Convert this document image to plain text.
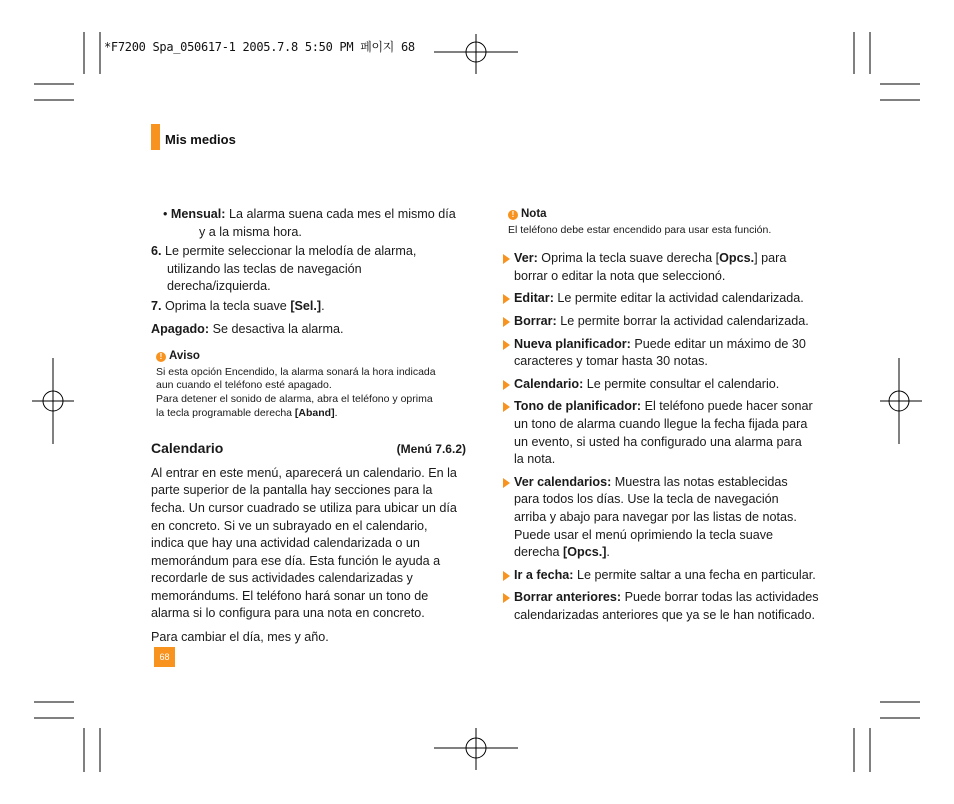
*F7200 Spa_050617-1 2005.7.8 5:50 PM 페이지 68
Mis medios

• Mensual: La alarma suena cada mes el mismo día

y a la misma hora.

6. Le permite seleccionar la melodía de alarma,

utilizando las teclas de navegación

derecha/izquierda.

7. Oprima la tecla suave [Sel.].

Apagado: Se desactiva la alarma.

! Aviso
Si esta opción Encendido, la alarma sonará la hora indicada
aun cuando el teléfono esté apagado.
Para detener el sonido de alarma, abra el teléfono y oprima
la tecla programable derecha [Aband].
Calendario	(Menú 7.6.2)

Al entrar en este menú, aparecerá un calendario. En la

parte superior de la pantalla hay secciones para la

fecha. Un cursor cuadrado se utiliza para ubicar un día

en concreto. Si ve un subrayado en el calendario,

indica que hay una actividad calendarizada o un

memorándum para ese día. Esta función le ayuda a

recordarle de sus actividades calendarizadas y

memorándums. El teléfono hará sonar un tono de

alarma si lo configura para una nota en concreto.

Para cambiar el día, mes y año.

68
! Nota
El teléfono debe estar encendido para usar esta función.

Ver: Oprima la tecla suave derecha [Opcs.] para

borrar o editar la nota que seleccionó.

Editar: Le permite editar la actividad calendarizada.

Borrar: Le permite borrar la actividad calendarizada.

Nueva planificador: Puede editar un máximo de 30

caracteres y tomar hasta 30 notas.

Calendario: Le permite consultar el calendario.

Tono de planificador: El teléfono puede hacer sonar

un tono de alarma cuando llegue la fecha fijada para

un evento, si usted ha configurado una alarma para

la nota.

Ver calendarios: Muestra las notas establecidas

para todos los días. Use la tecla de navegación

arriba y abajo para navegar por las listas de notas.

Puede usar el menú oprimiendo la tecla suave

derecha [Opcs.].

Ir a fecha: Le permite saltar a una fecha en particular.

Borrar anteriores: Puede borrar todas las actividades

calendarizadas anteriores que ya se le han notificado.
